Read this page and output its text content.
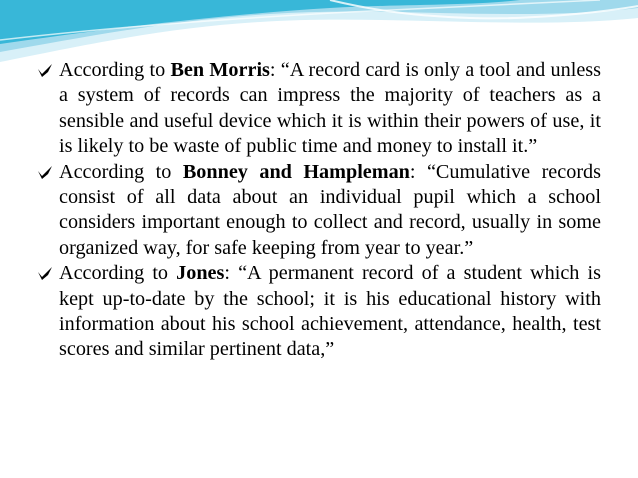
According to Ben Morris: “A record card is only a tool and unless a system of records can impress the majority of teachers as a sensible and useful device which it is within their powers of use, it is likely to be waste of public time and money to install it.”

According to Bonney and Hampleman: “Cumulative records consist of all data about an individual pupil which a school considers important enough to collect and record, usually in some organized way, for safe keeping from year to year.”

According to Jones: “A permanent record of a student which is kept up-to-date by the school; it is his educational history with information about his school achievement, attendance, health, test scores and similar pertinent data,”
